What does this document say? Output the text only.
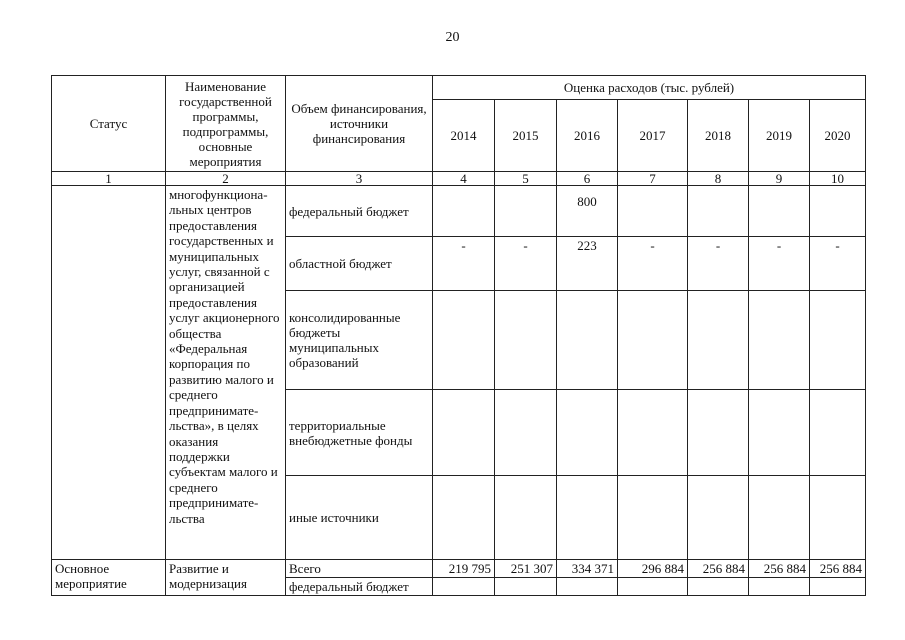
20
Статус	Наименование государственной программы, подпрограммы, основные мероприятия	Объем финансирования, источники финансирования	Оценка расходов (тыс. рублей)						
			2014	2015	2016	2017	2018	2019	2020
1	2	3	4	5	6	7	8	9	10
	многофункциона-льных центров предоставления государственных и муниципальных услуг, связанной с организацией предоставления услуг акционерного общества «Федеральная корпорация по развитию малого и среднего предпринимате-льства», в целях оказания поддержки субъектам малого и среднего предпринимате-льства	федеральный бюджет			800				
		областной бюджет	-	-	223	-	-	-	-
		консолидированные бюджеты муниципальных образований							
		территориальные внебюджетные фонды							
		иные источники							
Основное мероприятие	Развитие и модернизация	Всего	219 795	251 307	334 371	296 884	256 884	256 884	256 884
		федеральный бюджет							
